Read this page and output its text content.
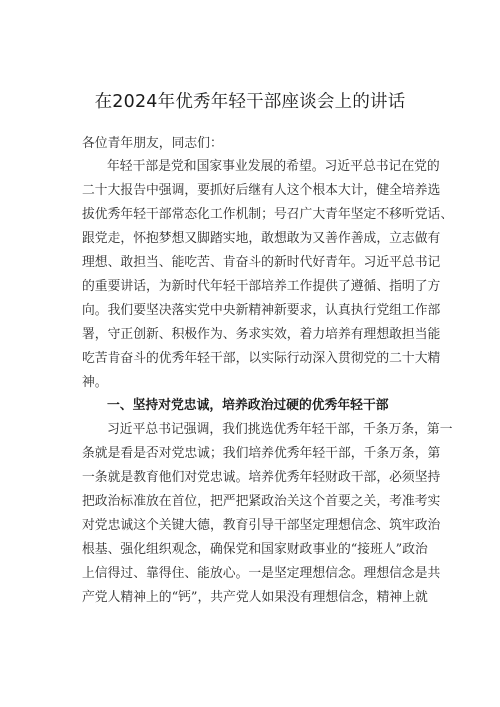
在2024年优秀年轻干部座谈会上的讲话
各位青年朋友，同志们：
年轻干部是党和国家事业发展的希望。习近平总书记在党的
二十大报告中强调，要抓好后继有人这个根本大计，健全培养选
拔优秀年轻干部常态化工作机制；号召广大青年坚定不移听党话、
跟党走，怀抱梦想又脚踏实地，敢想敢为又善作善成，立志做有
理想、敢担当、能吃苦、肯奋斗的新时代好青年。习近平总书记
的重要讲话，为新时代年轻干部培养工作提供了遵循、指明了方
向。我们要坚决落实党中央新精神新要求，认真执行党组工作部
署，守正创新、积极作为、务求实效，着力培养有理想敢担当能
吃苦肯奋斗的优秀年轻干部，以实际行动深入贯彻党的二十大精
神。
一、坚持对党忠诚，培养政治过硬的优秀年轻干部
习近平总书记强调，我们挑选优秀年轻干部，千条万条，第一
条就是看是否对党忠诚；我们培养优秀年轻干部，千条万条，第
一条就是教育他们对党忠诚。培养优秀年轻财政干部，必须坚持
把政治标准放在首位，把严把紧政治关这个首要之关，考准考实
对党忠诚这个关键大德，教育引导干部坚定理想信念、筑牢政治
根基、强化组织观念，确保党和国家财政事业的“接班人”政治
上信得过、靠得住、能放心。一是坚定理想信念。理想信念是共
产党人精神上的“钙”，共产党人如果没有理想信念，精神上就
